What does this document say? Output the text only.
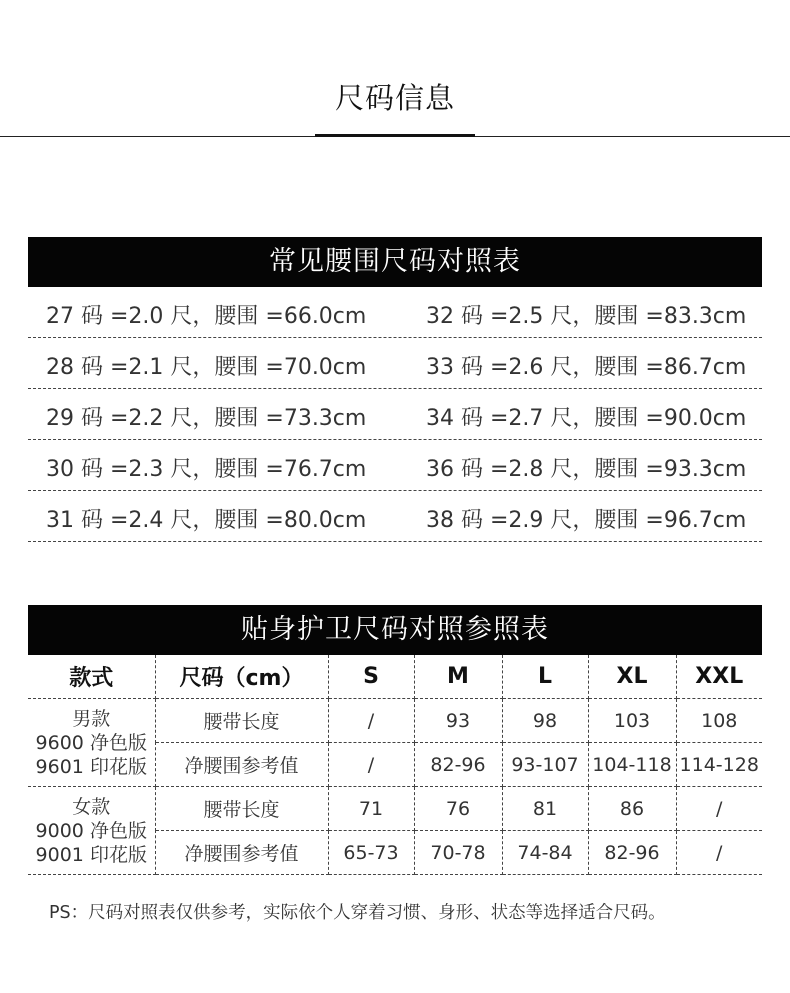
尺码信息
常见腰围尺码对照表
27 码 =2.0 尺，腰围 =66.0cm	32 码 =2.5 尺，腰围 =83.3cm
28 码 =2.1 尺，腰围 =70.0cm	33 码 =2.6 尺，腰围 =86.7cm
29 码 =2.2 尺，腰围 =73.3cm	34 码 =2.7 尺，腰围 =90.0cm
30 码 =2.3 尺，腰围 =76.7cm	36 码 =2.8 尺，腰围 =93.3cm
31 码 =2.4 尺，腰围 =80.0cm	38 码 =2.9 尺，腰围 =96.7cm
贴身护卫尺码对照参照表
款式	尺码（cm）	S	M	L	XL	XXL

男款
9600 净色版
9601 印花版	腰带长度	/	93	98	103	108
	净腰围参考值	/	82-96	93-107	104-118	114-128

女款
9000 净色版
9001 印花版	腰带长度	71	76	81	86	/
	净腰围参考值	65-73	70-78	74-84	82-96	/
PS：尺码对照表仅供参考，实际依个人穿着习惯、身形、状态等选择适合尺码。
